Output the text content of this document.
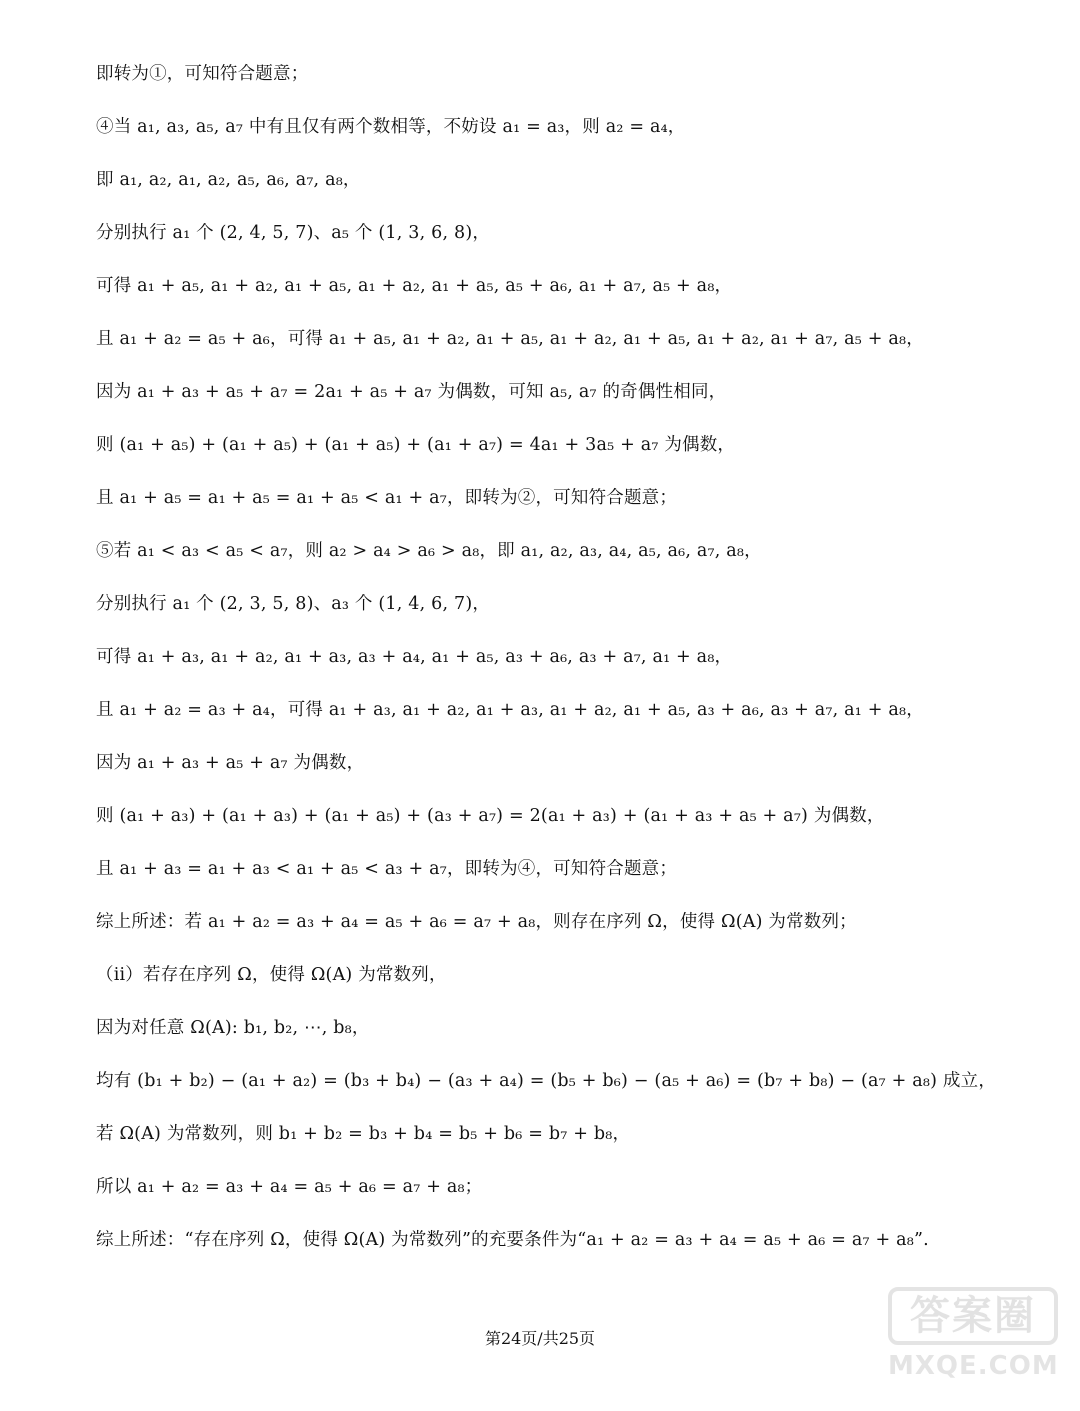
即转为①，可知符合题意；
④当 a₁, a₃, a₅, a₇ 中有且仅有两个数相等，不妨设 a₁ = a₃，则 a₂ = a₄，
即 a₁, a₂, a₁, a₂, a₅, a₆, a₇, a₈，
分别执行 a₁ 个 (2, 4, 5, 7)、a₅ 个 (1, 3, 6, 8)，
可得 a₁ + a₅, a₁ + a₂, a₁ + a₅, a₁ + a₂, a₁ + a₅, a₅ + a₆, a₁ + a₇, a₅ + a₈，
且 a₁ + a₂ = a₅ + a₆，可得 a₁ + a₅, a₁ + a₂, a₁ + a₅, a₁ + a₂, a₁ + a₅, a₁ + a₂, a₁ + a₇, a₅ + a₈，
因为 a₁ + a₃ + a₅ + a₇ = 2a₁ + a₅ + a₇ 为偶数，可知 a₅, a₇ 的奇偶性相同，
则 (a₁ + a₅) + (a₁ + a₅) + (a₁ + a₅) + (a₁ + a₇) = 4a₁ + 3a₅ + a₇ 为偶数，
且 a₁ + a₅ = a₁ + a₅ = a₁ + a₅ < a₁ + a₇，即转为②，可知符合题意；
⑤若 a₁ < a₃ < a₅ < a₇，则 a₂ > a₄ > a₆ > a₈，即 a₁, a₂, a₃, a₄, a₅, a₆, a₇, a₈，
分别执行 a₁ 个 (2, 3, 5, 8)、a₃ 个 (1, 4, 6, 7)，
可得 a₁ + a₃, a₁ + a₂, a₁ + a₃, a₃ + a₄, a₁ + a₅, a₃ + a₆, a₃ + a₇, a₁ + a₈，
且 a₁ + a₂ = a₃ + a₄，可得 a₁ + a₃, a₁ + a₂, a₁ + a₃, a₁ + a₂, a₁ + a₅, a₃ + a₆, a₃ + a₇, a₁ + a₈，
因为 a₁ + a₃ + a₅ + a₇ 为偶数，
则 (a₁ + a₃) + (a₁ + a₃) + (a₁ + a₅) + (a₃ + a₇) = 2(a₁ + a₃) + (a₁ + a₃ + a₅ + a₇) 为偶数，
且 a₁ + a₃ = a₁ + a₃ < a₁ + a₅ < a₃ + a₇，即转为④，可知符合题意；
综上所述：若 a₁ + a₂ = a₃ + a₄ = a₅ + a₆ = a₇ + a₈，则存在序列 Ω，使得 Ω(A) 为常数列；
（ii）若存在序列 Ω，使得 Ω(A) 为常数列，
因为对任意 Ω(A): b₁, b₂, ⋯, b₈，
均有 (b₁ + b₂) − (a₁ + a₂) = (b₃ + b₄) − (a₃ + a₄) = (b₅ + b₆) − (a₅ + a₆) = (b₇ + b₈) − (a₇ + a₈) 成立，
若 Ω(A) 为常数列，则 b₁ + b₂ = b₃ + b₄ = b₅ + b₆ = b₇ + b₈，
所以 a₁ + a₂ = a₃ + a₄ = a₅ + a₆ = a₇ + a₈；
综上所述：“存在序列 Ω，使得 Ω(A) 为常数列”的充要条件为“a₁ + a₂ = a₃ + a₄ = a₅ + a₆ = a₇ + a₈”.
第24页/共25页	答案圈
MXQE.COM
